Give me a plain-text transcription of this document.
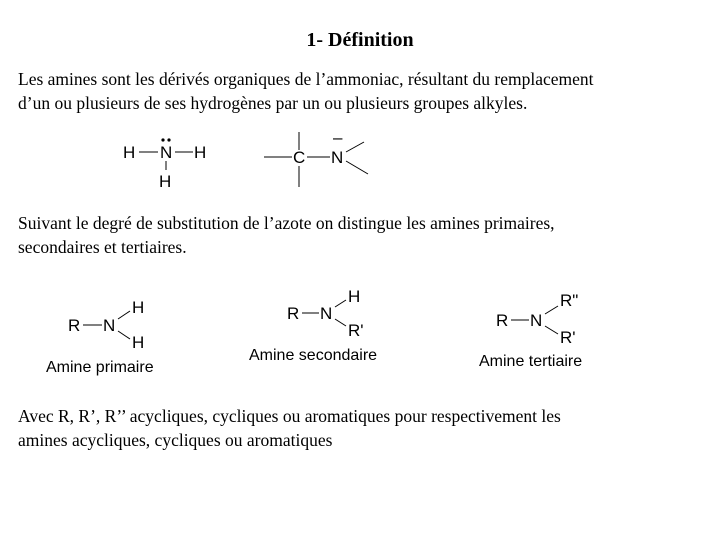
1- Définition
Les amines sont les dérivés organiques de l’ammoniac, résultant du remplacement
d’un ou plusieurs de ses hydrogènes par un ou plusieurs groupes alkyles.
H N H
H
C N
–
Suivant le degré de substitution de l’azote on distingue les amines primaires,
secondaires et tertiaires.
R N
H
H
Amine primaire
R N
H
R'
Amine secondaire
R N
R"
R'
Amine tertiaire
Avec R, R’, R’’ acycliques, cycliques ou aromatiques pour respectivement les
amines acycliques, cycliques ou aromatiques
